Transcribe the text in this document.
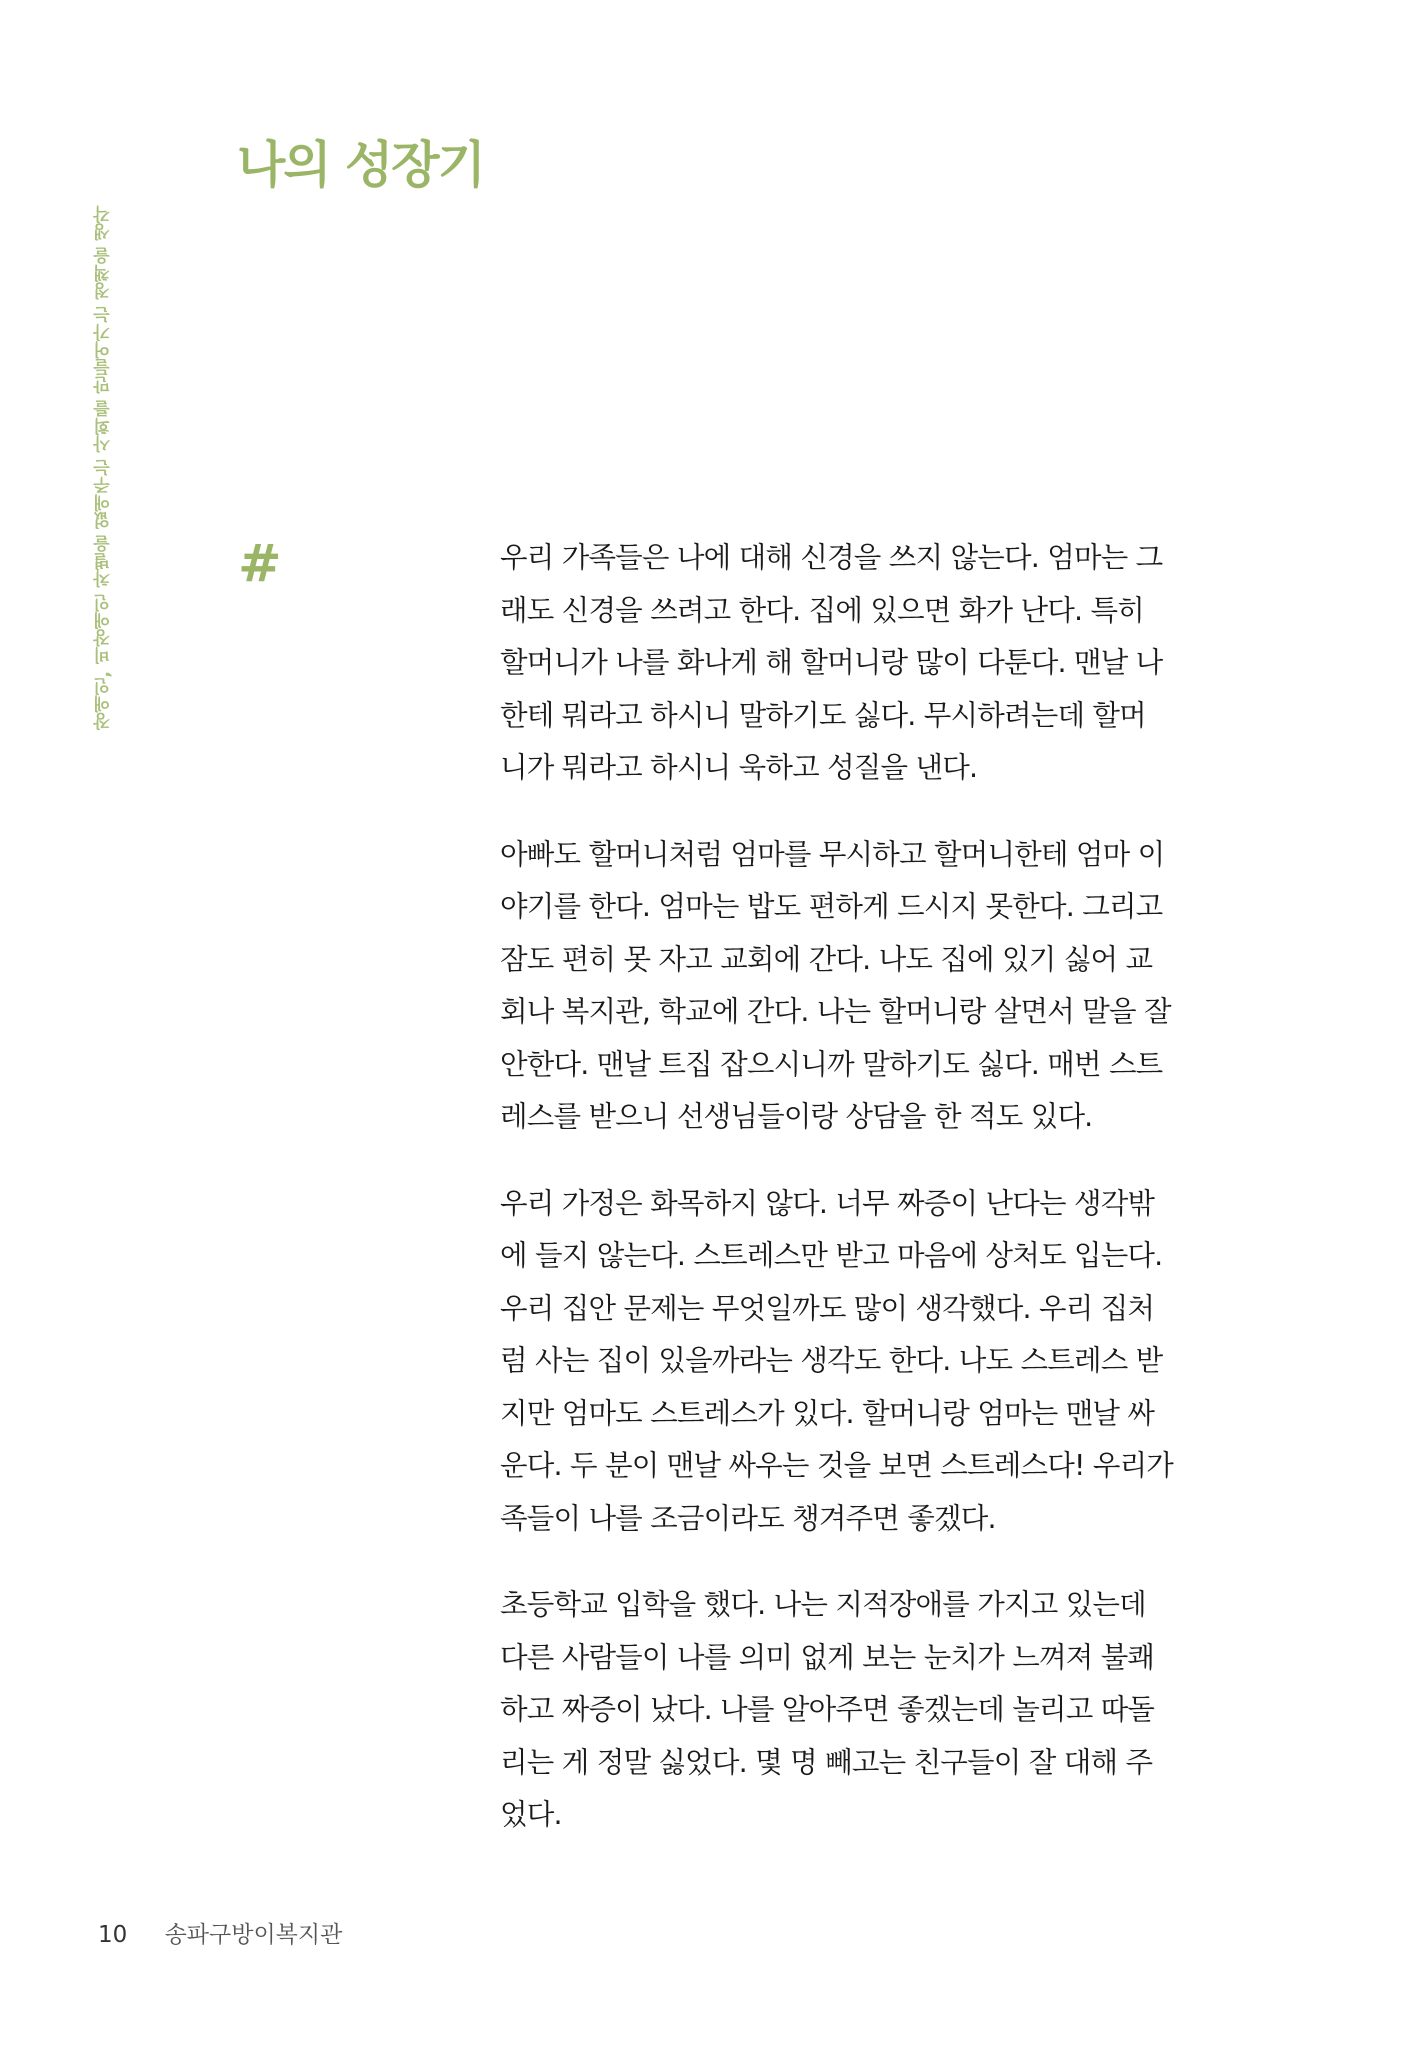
장애인, 비장애인 차별을 없애주는 사회를 만들어가는 정책을 생각
나의 성장기
#	우리 가족들은 나에 대해 신경을 쓰지 않는다. 엄마는 그
래도 신경을 쓰려고 한다. 집에 있으면 화가 난다. 특히
할머니가 나를 화나게 해 할머니랑 많이 다툰다. 맨날 나
한테 뭐라고 하시니 말하기도 싫다. 무시하려는데 할머
니가 뭐라고 하시니 욱하고 성질을 낸다.

아빠도 할머니처럼 엄마를 무시하고 할머니한테 엄마 이
야기를 한다. 엄마는 밥도 편하게 드시지 못한다. 그리고
잠도 편히 못 자고 교회에 간다. 나도 집에 있기 싫어 교
회나 복지관, 학교에 간다. 나는 할머니랑 살면서 말을 잘
안한다. 맨날 트집 잡으시니까 말하기도 싫다. 매번 스트
레스를 받으니 선생님들이랑 상담을 한 적도 있다.

우리 가정은 화목하지 않다. 너무 짜증이 난다는 생각밖
에 들지 않는다. 스트레스만 받고 마음에 상처도 입는다.
우리 집안 문제는 무엇일까도 많이 생각했다. 우리 집처
럼 사는 집이 있을까라는 생각도 한다. 나도 스트레스 받
지만 엄마도 스트레스가 있다. 할머니랑 엄마는 맨날 싸
운다. 두 분이 맨날 싸우는 것을 보면 스트레스다! 우리가
족들이 나를 조금이라도 챙겨주면 좋겠다.

초등학교 입학을 했다. 나는 지적장애를 가지고 있는데
다른 사람들이 나를 의미 없게 보는 눈치가 느껴져 불쾌
하고 짜증이 났다. 나를 알아주면 좋겠는데 놀리고 따돌
리는 게 정말 싫었다. 몇 명 빼고는 친구들이 잘 대해 주
었다.

10 송파구방이복지관
